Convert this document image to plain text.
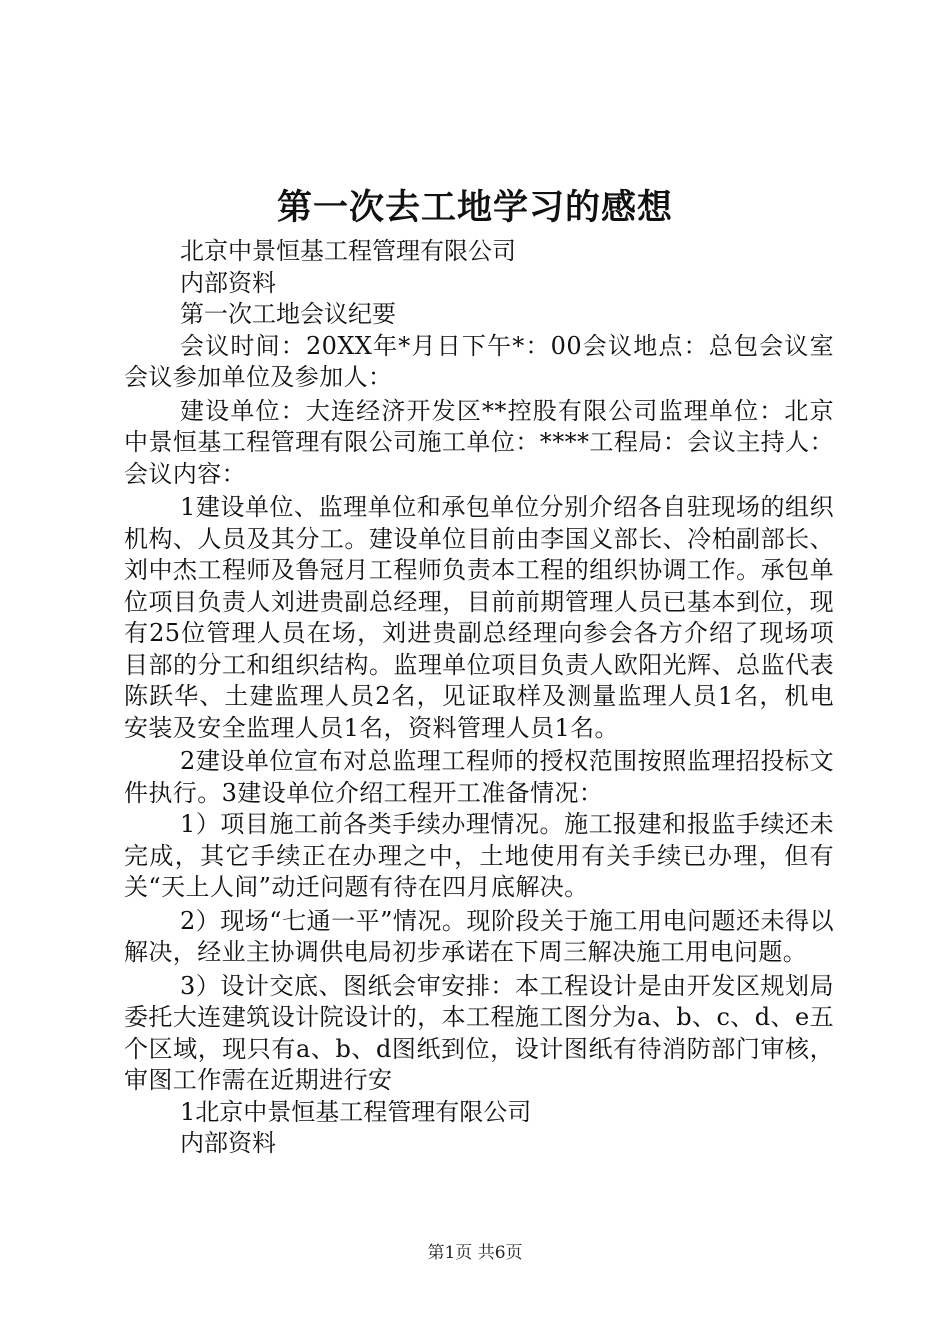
第一次去工地学习的感想

北京中景恒基工程管理有限公司

内部资料

第一次工地会议纪要

会议时间：20XX年*月日下午*：00会议地点：总包会议室会议参加单位及参加人：

建设单位：大连经济开发区**控股有限公司监理单位：北京中景恒基工程管理有限公司施工单位：****工程局：会议主持人：会议内容：

1建设单位、监理单位和承包单位分别介绍各自驻现场的组织机构、人员及其分工。建设单位目前由李国义部长、冷柏副部长、刘中杰工程师及鲁冠月工程师负责本工程的组织协调工作。承包单位项目负责人刘进贵副总经理，目前前期管理人员已基本到位，现有25位管理人员在场，刘进贵副总经理向参会各方介绍了现场项目部的分工和组织结构。监理单位项目负责人欧阳光辉、总监代表陈跃华、土建监理人员2名，见证取样及测量监理人员1名，机电安装及安全监理人员1名，资料管理人员1名。

2建设单位宣布对总监理工程师的授权范围按照监理招投标文件执行。3建设单位介绍工程开工准备情况：

1）项目施工前各类手续办理情况。施工报建和报监手续还未完成，其它手续正在办理之中，土地使用有关手续已办理，但有关“天上人间”动迁问题有待在四月底解决。

2）现场“七通一平”情况。现阶段关于施工用电问题还未得以解决，经业主协调供电局初步承诺在下周三解决施工用电问题。

3）设计交底、图纸会审安排：本工程设计是由开发区规划局委托大连建筑设计院设计的，本工程施工图分为a、b、c、d、e五个区域，现只有a、b、d图纸到位，设计图纸有待消防部门审核，审图工作需在近期进行安

1北京中景恒基工程管理有限公司

内部资料

第1页 共6页
